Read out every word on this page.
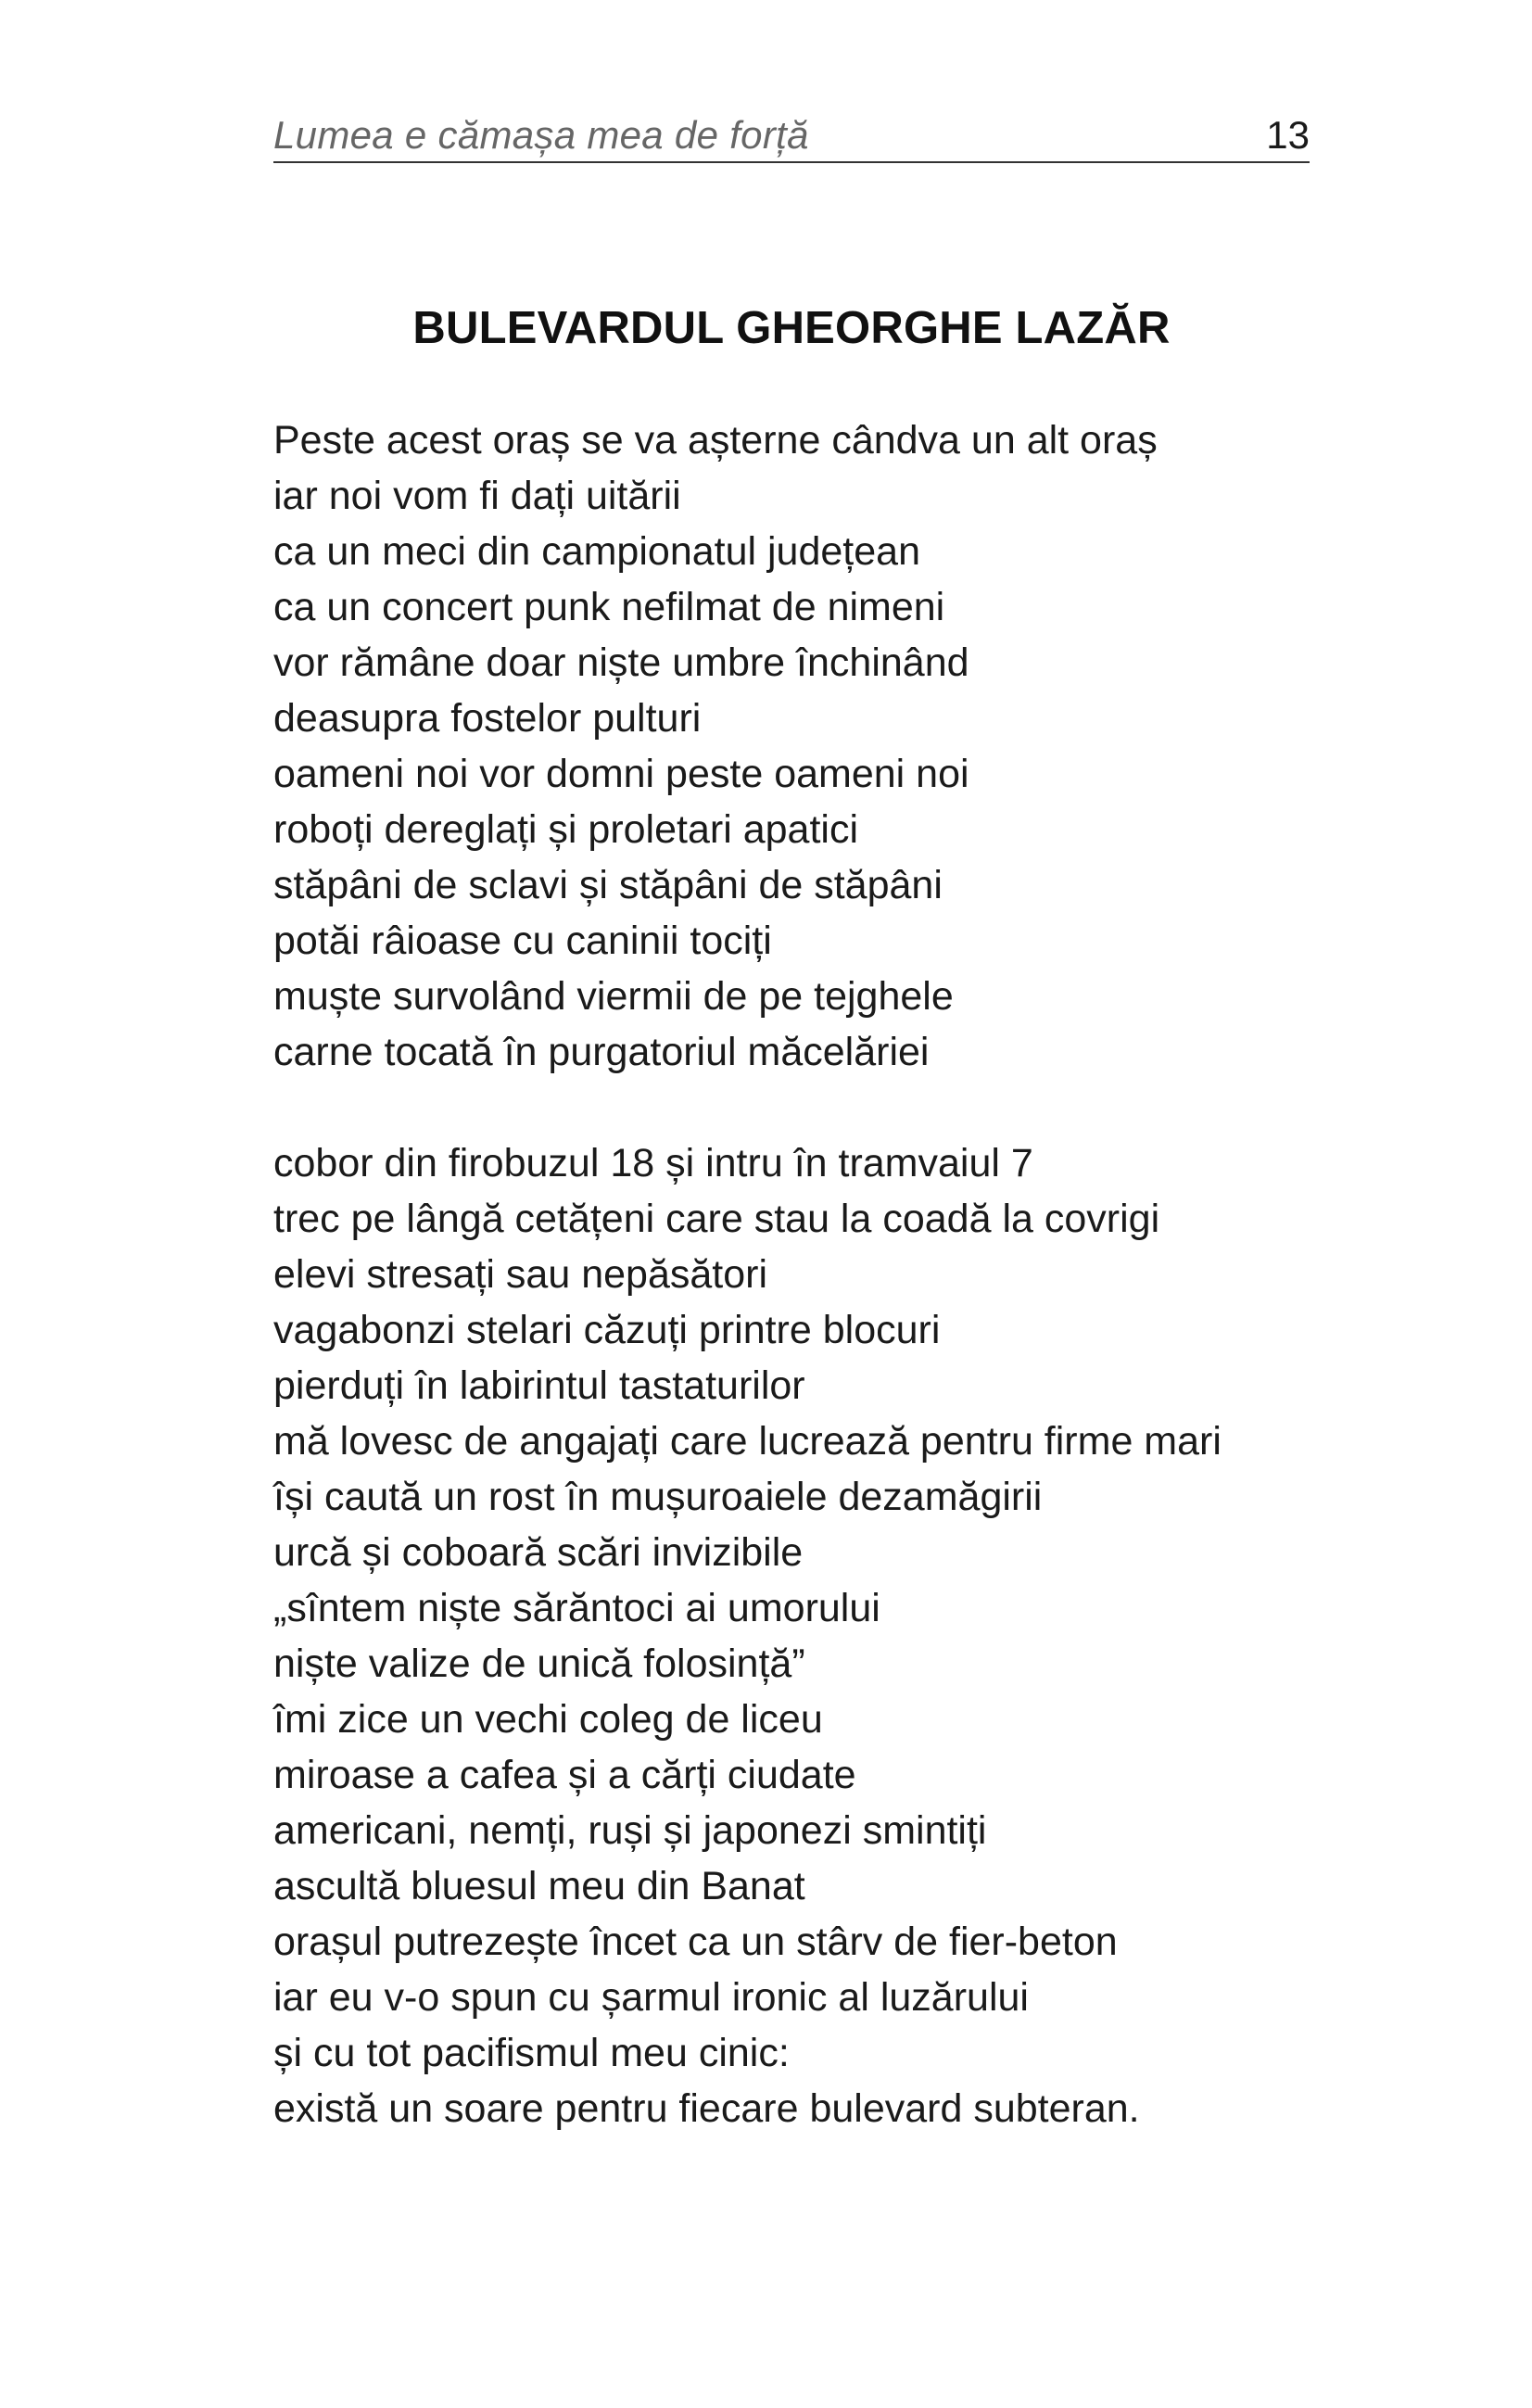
Lumea e cămașa mea de forță	13
BULEVARDUL GHEORGHE LAZĂR
Peste acest oraș se va așterne cândva un alt oraș
iar noi vom fi dați uitării
ca un meci din campionatul județean
ca un concert punk nefilmat de nimeni
vor rămâne doar niște umbre închinând
deasupra fostelor pulturi
oameni noi vor domni peste oameni noi
roboți dereglați și proletari apatici
stăpâni de sclavi și stăpâni de stăpâni
potăi râioase cu caninii tociți
muște survolând viermii de pe tejghele
carne tocată în purgatoriul măcelăriei
cobor din firobuzul 18 și intru în tramvaiul 7
trec pe lângă cetățeni care stau la coadă la covrigi
elevi stresați sau nepăsători
vagabonzi stelari căzuți printre blocuri
pierduți în labirintul tastaturilor
mă lovesc de angajați care lucrează pentru firme mari
își caută un rost în mușuroaiele dezamăgirii
urcă și coboară scări invizibile
„sîntem niște sărăntoci ai umorului
niște valize de unică folosință”
îmi zice un vechi coleg de liceu
miroase a cafea și a cărți ciudate
americani, nemți, ruși și japonezi smintiți
ascultă bluesul meu din Banat
orașul putrezește încet ca un stârv de fier-beton
iar eu v-o spun cu șarmul ironic al luzărului
și cu tot pacifismul meu cinic:
există un soare pentru fiecare bulevard subteran.
